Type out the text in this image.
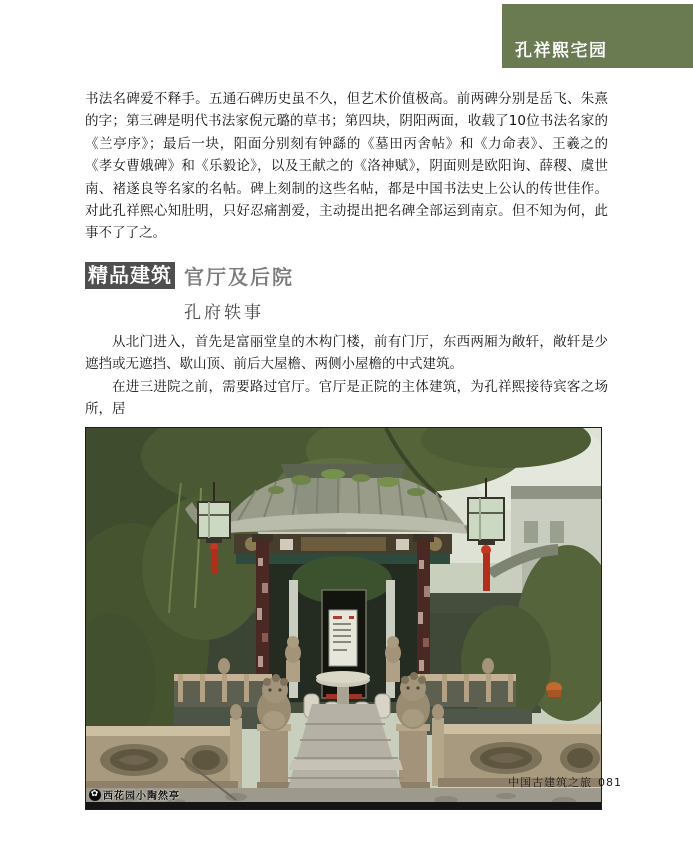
孔祥熙宅园

书法名碑爱不释手。五通石碑历史虽不久，但艺术价值极高。前两碑分别是岳飞、朱熹的字；第三碑是明代书法家倪元璐的草书；第四块，阴阳两面，收载了10位书法名家的《兰亭序》；最后一块，阳面分别刻有钟繇的《墓田丙舍帖》和《力命表》、王羲之的《孝女曹娥碑》和《乐毅论》，以及王献之的《洛神赋》，阴面则是欧阳询、薛稷、虞世南、褚遂良等名家的名帖。碑上刻制的这些名帖，都是中国书法史上公认的传世佳作。对此孔祥熙心知肚明，只好忍痛割爱，主动提出把名碑全部运到南京。但不知为何，此事不了了之。

精品建筑 官厅及后院
孔府轶事

从北门进入，首先是富丽堂皇的木构门楼，前有门厅，东西两厢为敞轩，敞轩是少遮挡或无遮挡、歇山顶、前后大屋檐、两侧小屋檐的中式建筑。

在进三进院之前，需要路过官厅。官厅是正院的主体建筑，为孔祥熙接待宾客之场所，居

✿ 西花园小陶然亭
中国古建筑之旅 081
